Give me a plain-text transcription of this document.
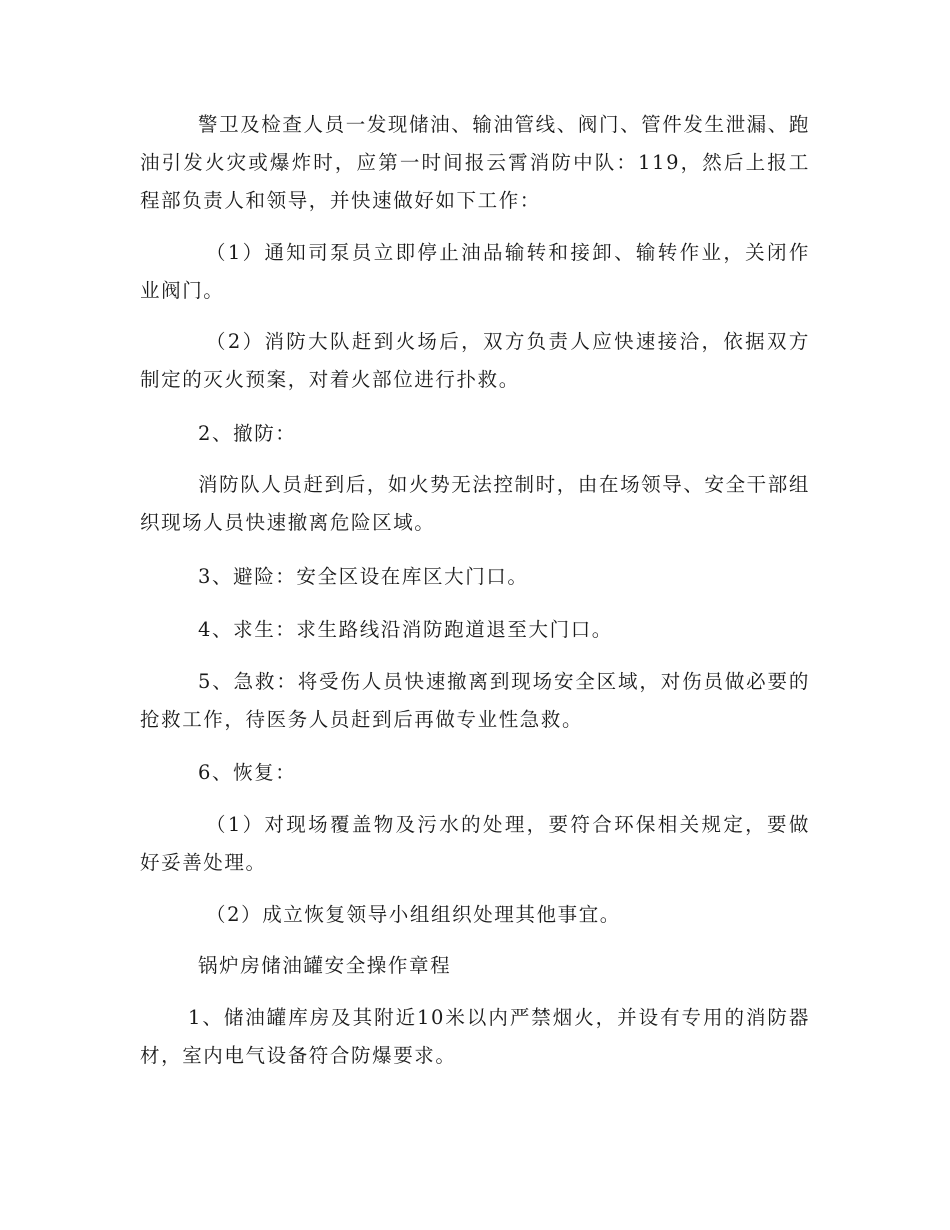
警卫及检查人员一发现储油、输油管线、阀门、管件发生泄漏、跑油引发火灾或爆炸时，应第一时间报云霄消防中队：119，然后上报工程部负责人和领导，并快速做好如下工作：

（1）通知司泵员立即停止油品输转和接卸、输转作业，关闭作业阀门。

（2）消防大队赶到火场后，双方负责人应快速接洽，依据双方制定的灭火预案，对着火部位进行扑救。

2、撤防：

消防队人员赶到后，如火势无法控制时，由在场领导、安全干部组织现场人员快速撤离危险区域。

3、避险：安全区设在库区大门口。

4、求生：求生路线沿消防跑道退至大门口。

5、急救：将受伤人员快速撤离到现场安全区域，对伤员做必要的抢救工作，待医务人员赶到后再做专业性急救。

6、恢复：

（1）对现场覆盖物及污水的处理，要符合环保相关规定，要做好妥善处理。

（2）成立恢复领导小组组织处理其他事宜。

锅炉房储油罐安全操作章程

1、储油罐库房及其附近10米以内严禁烟火，并设有专用的消防器材，室内电气设备符合防爆要求。
